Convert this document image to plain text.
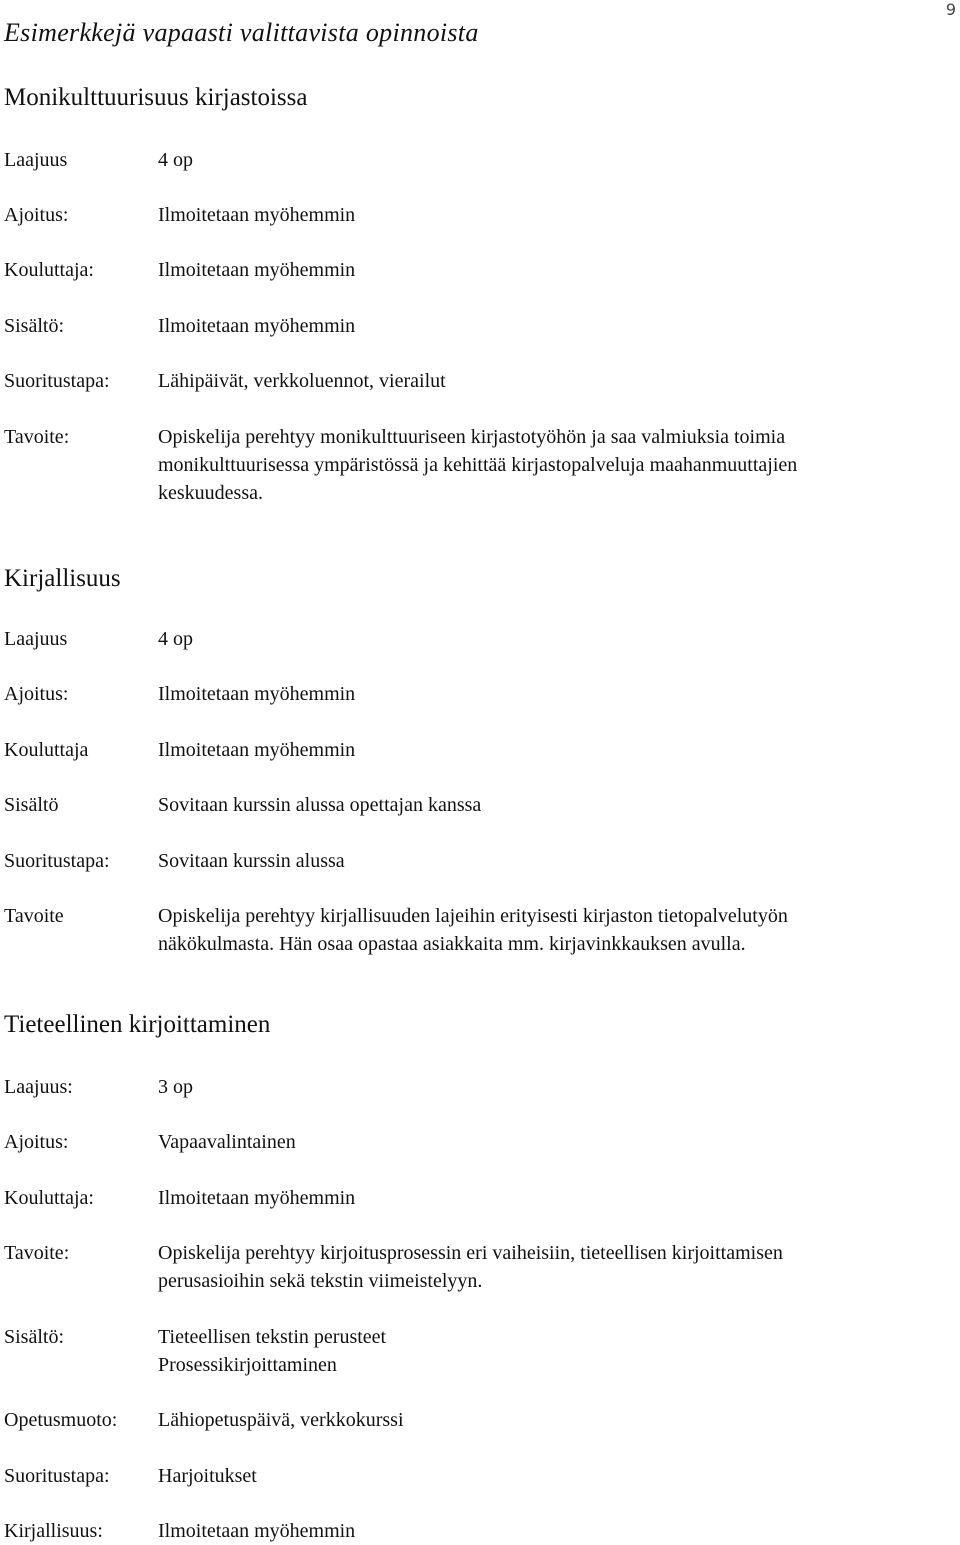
9
Esimerkkejä vapaasti valittavista opinnoista
Monikulttuurisuus kirjastoissa
Laajuus	4 op
Ajoitus:	Ilmoitetaan myöhemmin
Kouluttaja:	Ilmoitetaan myöhemmin
Sisältö:	Ilmoitetaan myöhemmin
Suoritustapa: Lähipäivät, verkkoluennot, vierailut
Tavoite:	Opiskelija perehtyy monikulttuuriseen kirjastotyöhön ja saa valmiuksia toimia
monikulttuurisessa ympäristössä ja kehittää kirjastopalveluja maahanmuuttajien
keskuudessa.
Kirjallisuus
Laajuus	4 op
Ajoitus:	Ilmoitetaan myöhemmin
Kouluttaja	Ilmoitetaan myöhemmin
Sisältö	Sovitaan kurssin alussa opettajan kanssa
Suoritustapa: Sovitaan kurssin alussa
Tavoite	Opiskelija perehtyy kirjallisuuden lajeihin erityisesti kirjaston tietopalvelutyön
näkökulmasta. Hän osaa opastaa asiakkaita mm. kirjavinkkauksen avulla.
Tieteellinen kirjoittaminen
Laajuus:	3 op
Ajoitus:	Vapaavalintainen
Kouluttaja:	Ilmoitetaan myöhemmin
Tavoite:	Opiskelija perehtyy kirjoitusprosessin eri vaiheisiin, tieteellisen kirjoittamisen
perusasioihin sekä tekstin viimeistelyyn.
Sisältö:	Tieteellisen tekstin perusteet
Prosessikirjoittaminen
Opetusmuoto: Lähiopetuspäivä, verkkokurssi
Suoritustapa: Harjoitukset
Kirjallisuus:	Ilmoitetaan myöhemmin
